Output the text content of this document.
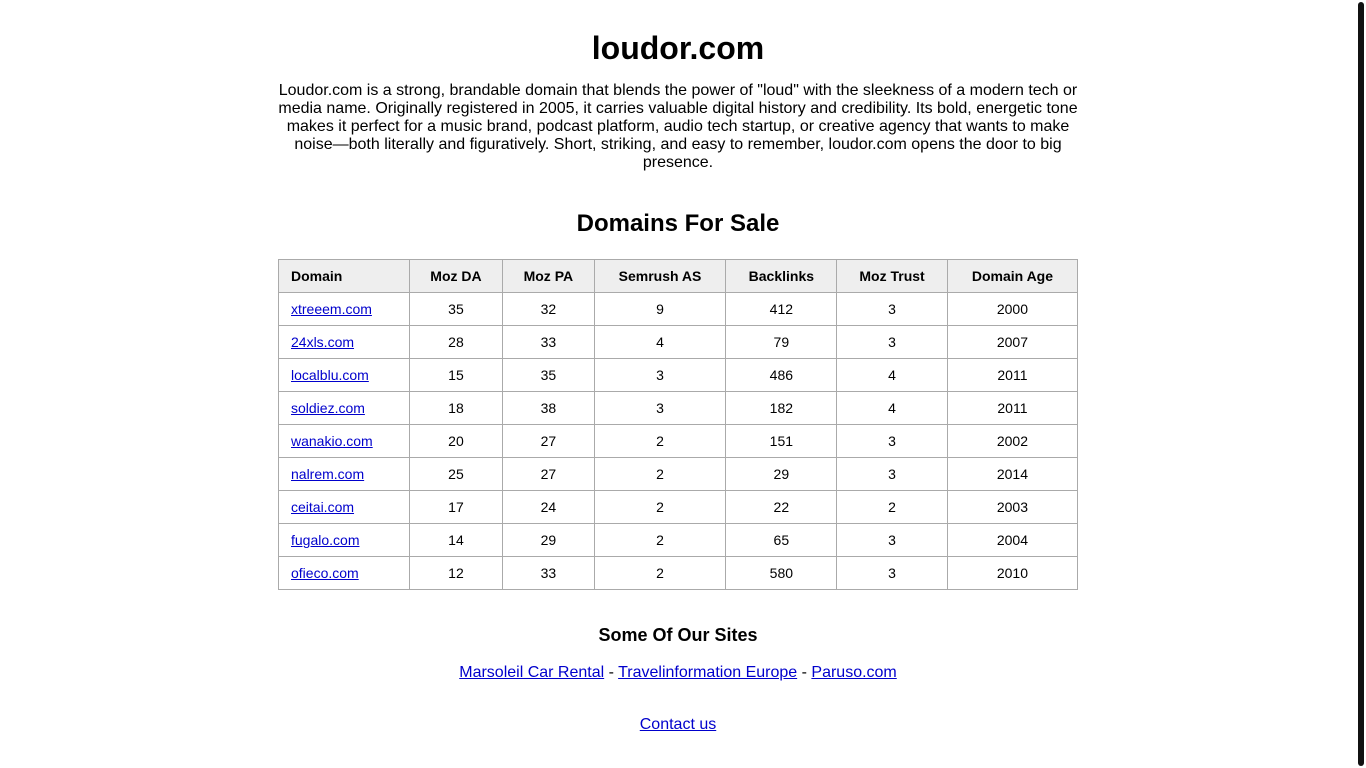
loudor.com

Loudor.com is a strong, brandable domain that blends the power of "loud" with the sleekness of a modern tech or media name. Originally registered in 2005, it carries valuable digital history and credibility. Its bold, energetic tone makes it perfect for a music brand, podcast platform, audio tech startup, or creative agency that wants to make noise—both literally and figuratively. Short, striking, and easy to remember, loudor.com opens the door to big presence.

Domains For Sale
Domain	Moz DA	Moz PA	Semrush AS	Backlinks	Moz Trust	Domain Age
xtreeem.com	35	32	9	412	3	2000
24xls.com	28	33	4	79	3	2007
localblu.com	15	35	3	486	4	2011
soldiez.com	18	38	3	182	4	2011
wanakio.com	20	27	2	151	3	2002
nalrem.com	25	27	2	29	3	2014
ceitai.com	17	24	2	22	2	2003
fugalo.com	14	29	2	65	3	2004
ofieco.com	12	33	2	580	3	2010
Some Of Our Sites
Marsoleil Car Rental - Travelinformation Europe - Paruso.com
Contact us
